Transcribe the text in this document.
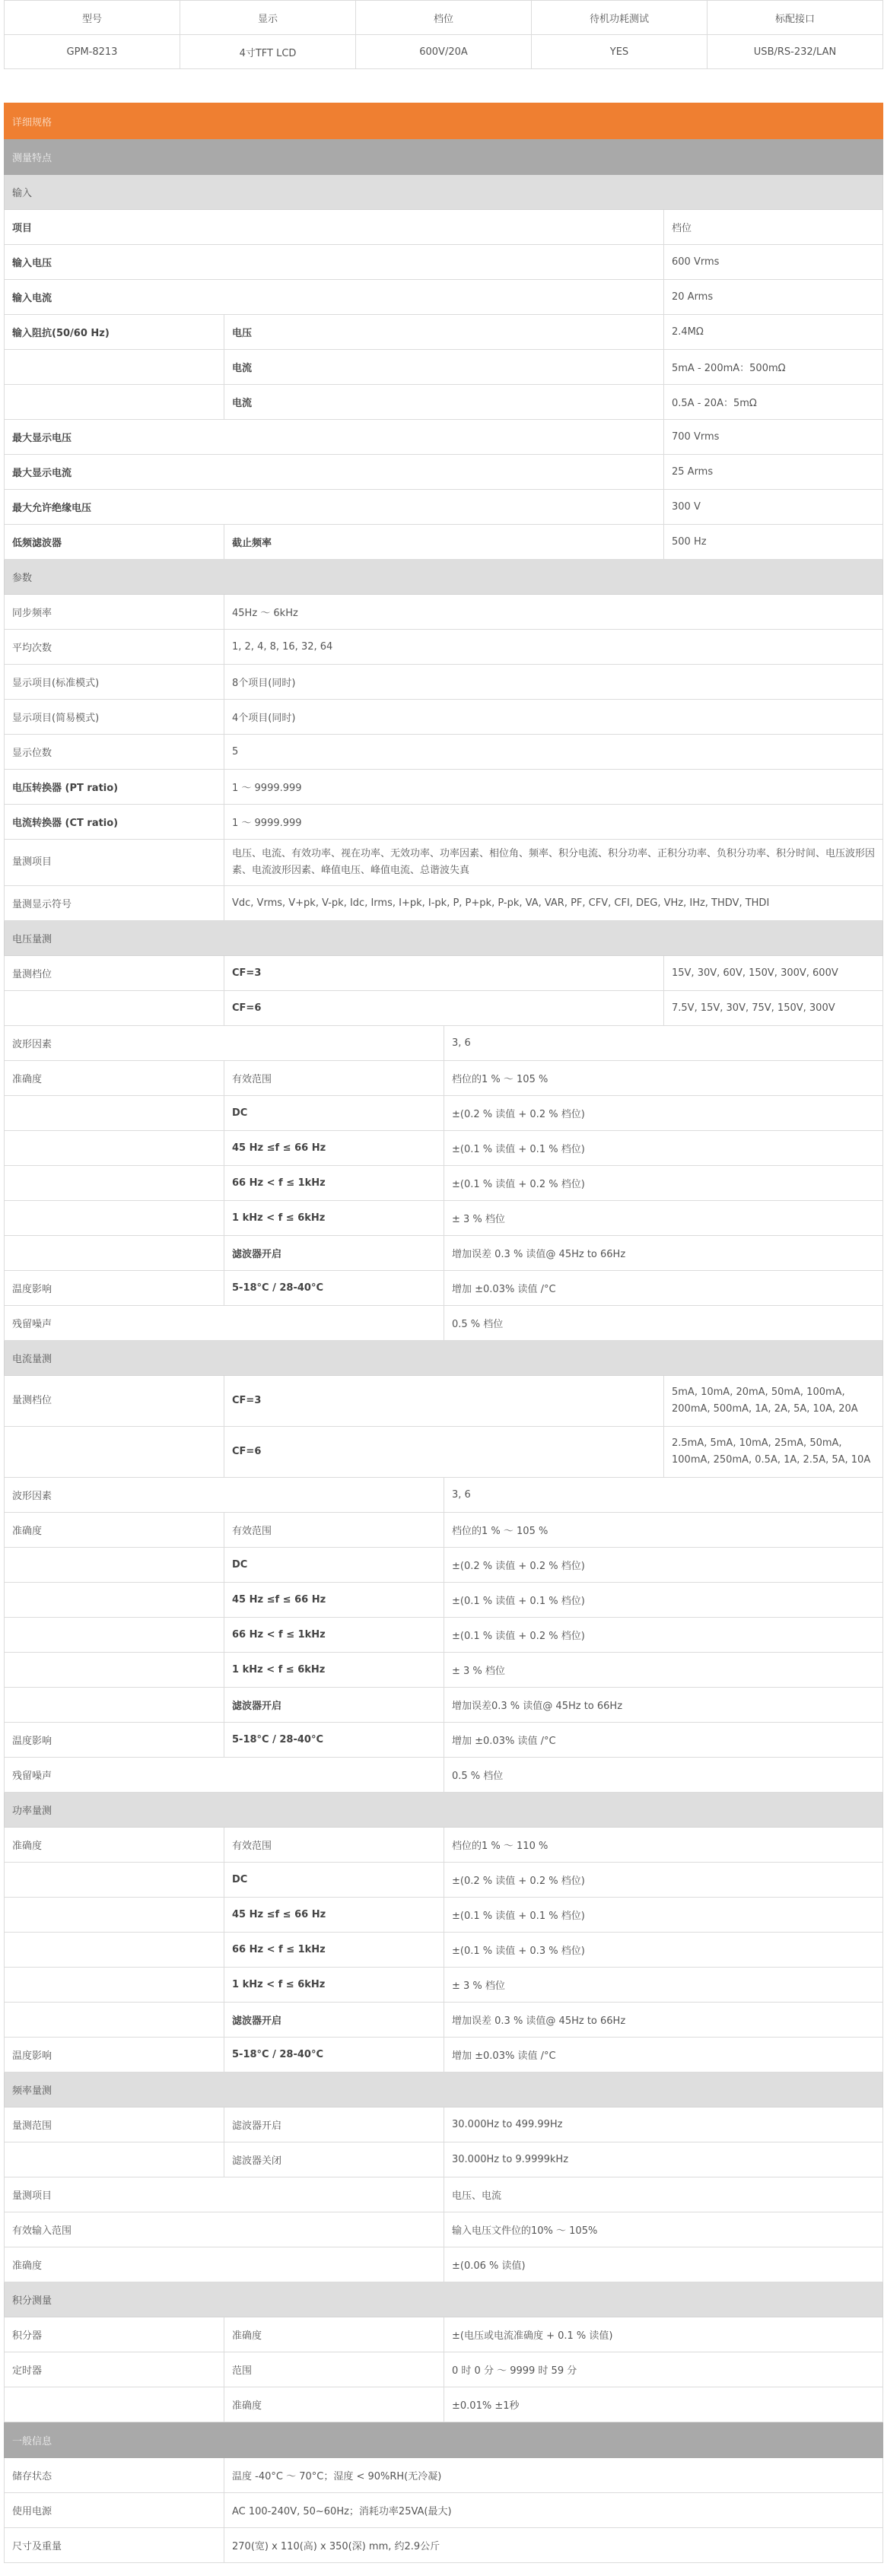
型号	显示	档位	待机功耗测试	标配接口
GPM-8213	4寸TFT LCD	600V/20A	YES	USB/RS-232/LAN
详细规格			
测量特点			
输入			
项目			档位
输入电压			600 Vrms
输入电流			20 Arms
输入阻抗(50/60 Hz)	电压		2.4MΩ
	电流		5mA - 200mA：500mΩ
	电流		0.5A - 20A：5mΩ
最大显示电压			700 Vrms
最大显示电流			25 Arms
最大允许绝缘电压			300 V
低频滤波器	截止频率		500 Hz
参数			
同步频率	45Hz ～ 6kHz		
平均次数	1, 2, 4, 8, 16, 32, 64		
显示项目(标准模式)	8个项目(同时)		
显示项目(简易模式)	4个项目(同时)		
显示位数	5		
电压转换器 (PT ratio)	1 ～ 9999.999		
电流转换器 (CT ratio)	1 ～ 9999.999		
量测项目	电压、电流、有效功率、视在功率、无效功率、功率因素、相位角、频率、积分电流、积分功率、正积分功率、负积分功率、积分时间、电压波形因素、电流波形因素、峰值电压、峰值电流、总谐波失真		
量测显示符号	Vdc, Vrms, V+pk, V-pk, Idc, Irms, I+pk, I-pk, P, P+pk, P-pk, VA, VAR, PF, CFV, CFI, DEG, VHz, IHz, THDV, THDI		
电压量测			
量测档位	CF=3		15V, 30V, 60V, 150V, 300V, 600V
	CF=6		7.5V, 15V, 30V, 75V, 150V, 300V
波形因素		3, 6	
准确度	有效范围	档位的1 % ～ 105 %	
	DC	±(0.2 % 读值 + 0.2 % 档位)	
	45 Hz ≤f ≤ 66 Hz	±(0.1 % 读值 + 0.1 % 档位)	
	66 Hz < f ≤ 1kHz	±(0.1 % 读值 + 0.2 % 档位)	
	1 kHz < f ≤ 6kHz	± 3 % 档位	
	滤波器开启	增加误差 0.3 % 读值@ 45Hz to 66Hz	
温度影响	5-18°C / 28-40°C	增加 ±0.03% 读值 /°C	
残留噪声		0.5 % 档位	
电流量测			
量测档位	CF=3		5mA, 10mA, 20mA, 50mA, 100mA, 200mA, 500mA, 1A, 2A, 5A, 10A, 20A
	CF=6		2.5mA, 5mA, 10mA, 25mA, 50mA, 100mA, 250mA, 0.5A, 1A, 2.5A, 5A, 10A
波形因素		3, 6	
准确度	有效范围	档位的1 % ～ 105 %	
	DC	±(0.2 % 读值 + 0.2 % 档位)	
	45 Hz ≤f ≤ 66 Hz	±(0.1 % 读值 + 0.1 % 档位)	
	66 Hz < f ≤ 1kHz	±(0.1 % 读值 + 0.2 % 档位)	
	1 kHz < f ≤ 6kHz	± 3 % 档位	
	滤波器开启	增加误差0.3 % 读值@ 45Hz to 66Hz	
温度影响	5-18°C / 28-40°C	增加 ±0.03% 读值 /°C	
残留噪声		0.5 % 档位	
功率量测			
准确度	有效范围	档位的1 % ～ 110 %	
	DC	±(0.2 % 读值 + 0.2 % 档位)	
	45 Hz ≤f ≤ 66 Hz	±(0.1 % 读值 + 0.1 % 档位)	
	66 Hz < f ≤ 1kHz	±(0.1 % 读值 + 0.3 % 档位)	
	1 kHz < f ≤ 6kHz	± 3 % 档位	
	滤波器开启	增加误差 0.3 % 读值@ 45Hz to 66Hz	
温度影响	5-18°C / 28-40°C	增加 ±0.03% 读值 /°C	
频率量测			
量测范围	滤波器开启	30.000Hz to 499.99Hz	
	滤波器关闭	30.000Hz to 9.9999kHz	
量测项目		电压、电流	
有效输入范围		输入电压文件位的10% ～ 105%	
准确度		±(0.06 % 读值)	
积分测量			
积分器	准确度	±(电压或电流准确度 + 0.1 % 读值)	
定时器	范围	0 时 0 分 ～ 9999 时 59 分	
	准确度	±0.01% ±1秒	
一般信息			
储存状态	温度 -40°C ～ 70°C；湿度 < 90%RH(无冷凝)		
使用电源	AC 100-240V, 50~60Hz；消耗功率25VA(最大)		
尺寸及重量	270(宽) x 110(高) x 350(深) mm, 约2.9公斤		
